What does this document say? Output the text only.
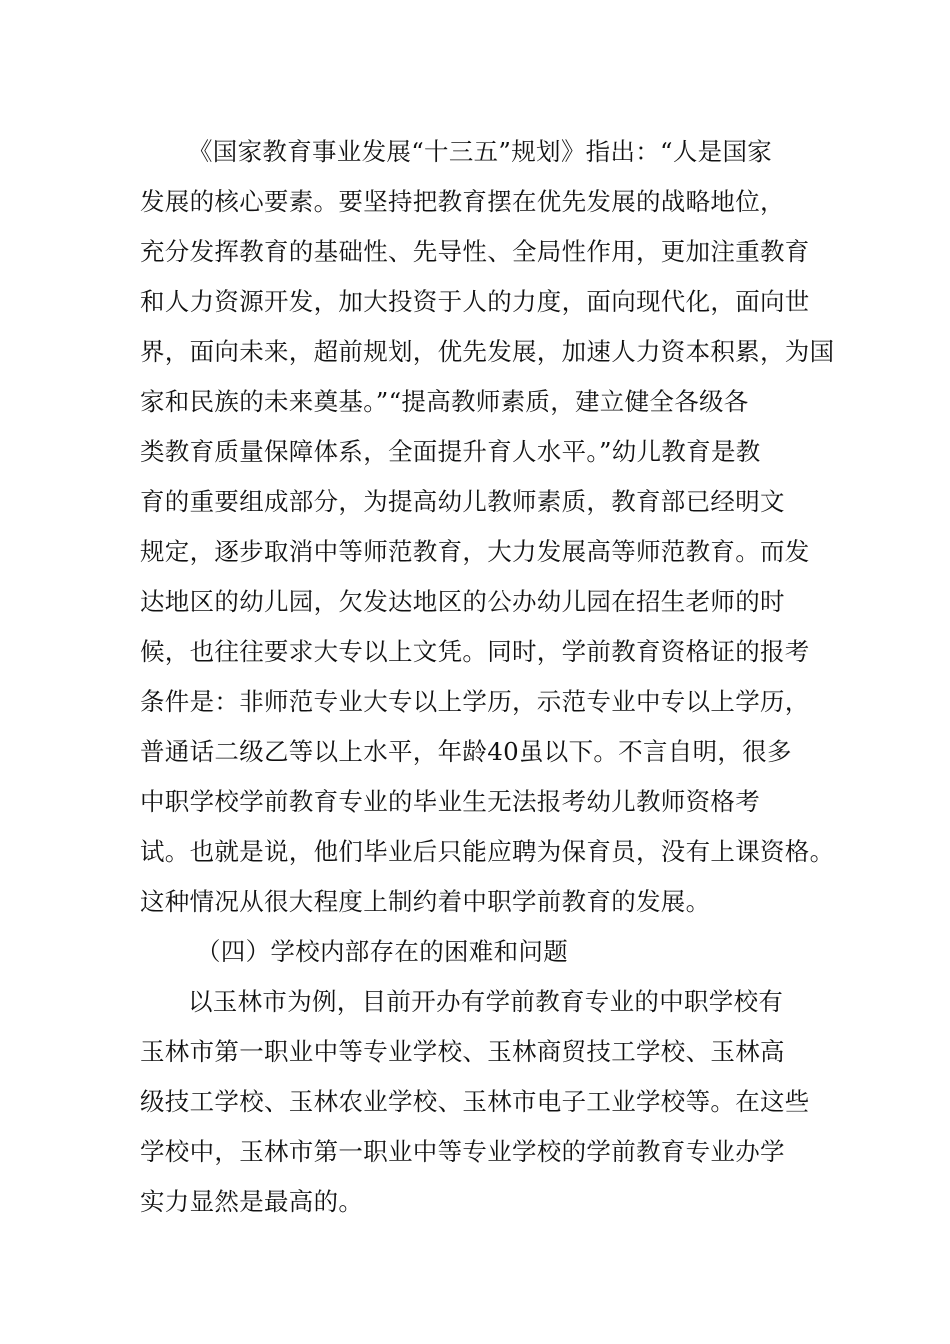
《国家教育事业发展“十三五”规划》指出：“人是国家
发展的核心要素。要坚持把教育摆在优先发展的战略地位，
充分发挥教育的基础性、先导性、全局性作用，更加注重教育
和人力资源开发，加大投资于人的力度，面向现代化，面向世
界，面向未来，超前规划，优先发展，加速人力资本积累，为国
家和民族的未来奠基。”“提高教师素质，建立健全各级各
类教育质量保障体系，全面提升育人水平。”幼儿教育是教
育的重要组成部分，为提高幼儿教师素质，教育部已经明文
规定，逐步取消中等师范教育，大力发展高等师范教育。而发
达地区的幼儿园，欠发达地区的公办幼儿园在招生老师的时
候，也往往要求大专以上文凭。同时，学前教育资格证的报考
条件是：非师范专业大专以上学历，示范专业中专以上学历，
普通话二级乙等以上水平，年龄40虽以下。不言自明，很多
中职学校学前教育专业的毕业生无法报考幼儿教师资格考
试。也就是说，他们毕业后只能应聘为保育员，没有上课资格。
这种情况从很大程度上制约着中职学前教育的发展。
（四）学校内部存在的困难和问题
以玉林市为例，目前开办有学前教育专业的中职学校有
玉林市第一职业中等专业学校、玉林商贸技工学校、玉林高
级技工学校、玉林农业学校、玉林市电子工业学校等。在这些
学校中，玉林市第一职业中等专业学校的学前教育专业办学
实力显然是最高的。
